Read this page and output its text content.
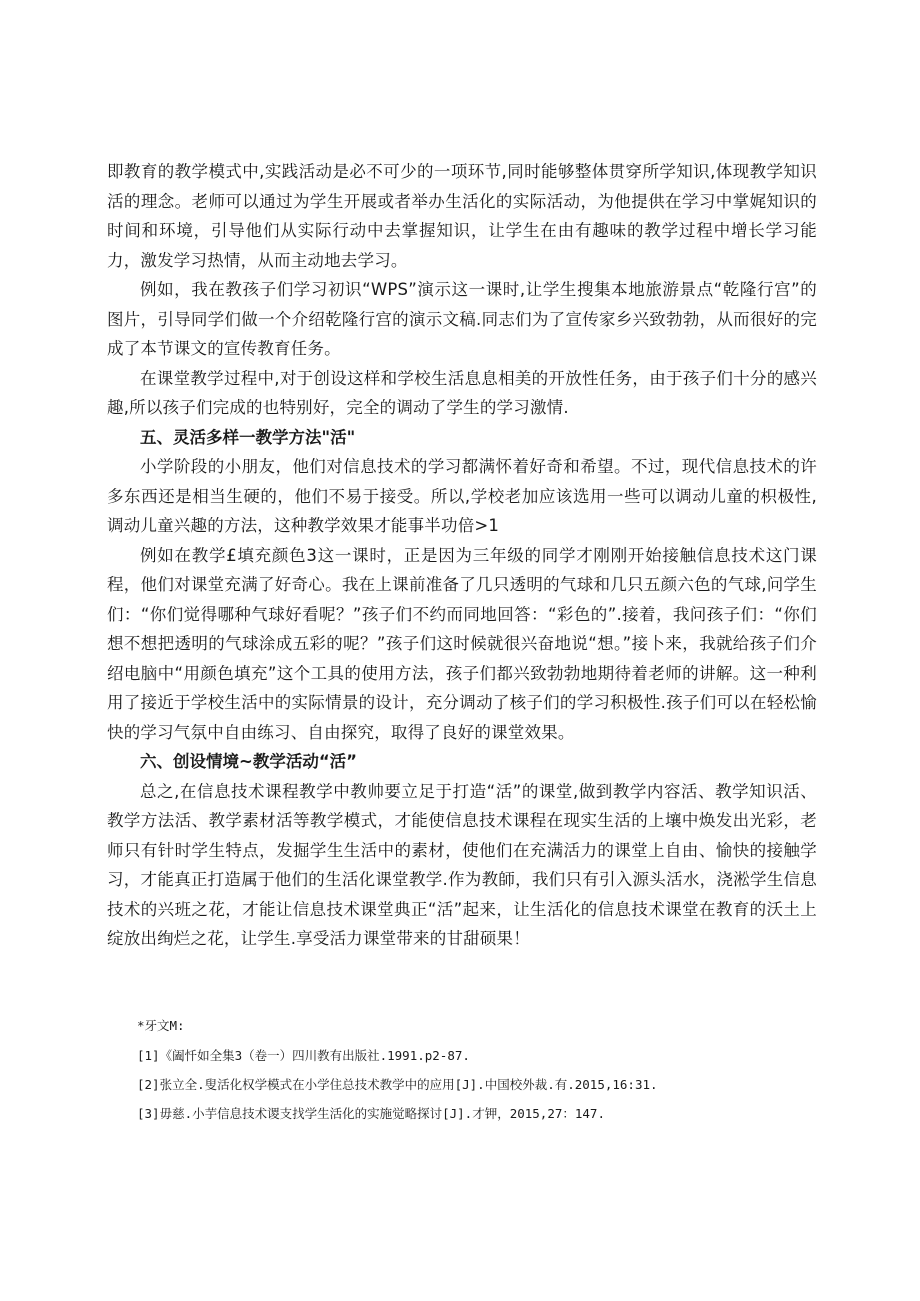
即教育的教学模式中,实践活动是必不可少的一项环节,同时能够整体贯穿所学知识,体现教学知识活的理念。老师可以通过为学生开展或者举办生活化的实际活动，为他提供在学习中掌娓知识的时间和环境，引导他们从实际行动中去掌握知识，让学生在由有趣味的教学过程中增长学习能力，激发学习热情，从而主动地去学习。

例如，我在教孩子们学习初识“WPS”演示这一课时,让学生搜集本地旅游景点“乾隆行宫”的图片，引导同学们做一个介绍乾隆行宫的演示文稿.同志们为了宣传家乡兴致勃勃，从而很好的完成了本节课文的宣传教育任务。

在课堂教学过程中,对于创设这样和学校生活息息相美的开放性任务，由于孩子们十分的感兴趣,所以孩子们完成的也特别好，完全的调动了学生的学习激情.

五、灵活多样一教学方法"活"

小学阶段的小朋友，他们对信息技术的学习都满怀着好奇和希望。不过，现代信息技术的许多东西还是相当生硬的，他们不易于接受。所以,学校老加应该选用一些可以调动儿童的枳极性,调动儿童兴趣的方法，这种教学效果才能事半功倍>1

例如在教学£填充颜色3这一课时，正是因为三年级的同学才刚刚开始接触信息技术这门课程，他们对课堂充满了好奇心。我在上课前准备了几只透明的气球和几只五颜六色的气球,问学生们：“你们觉得哪种气球好看呢？”孩子们不约而同地回答：“彩色的”.接着，我问孩子们：“你们想不想把透明的气球涂成五彩的呢？”孩子们这时候就很兴奋地说“想。”接卜来，我就给孩子们介绍电脑中“用颜色填充”这个工具的使用方法，孩子们都兴致勃勃地期待着老师的讲解。这一种利用了接近于学校生活中的实际情景的设计，充分调动了核子们的学习积极性.孩子们可以在轻松愉快的学习气氛中自由练习、自由探究，取得了良好的课堂效果。

六、创设情境~教学活动“活”

总之,在信息技术课程教学中教帅要立足于打造“活”的课堂,做到教学内容活、教学知识活、教学方法活、教学素材活等教学模式，才能使信息技术课程在现实生活的上壤中焕发出光彩，老师只有针时学生特点，发掘学生生活中的素材，使他们在充满活力的课堂上自由、愉快的接触学习，才能真正打造属于他们的生活化课堂教学.作为教師，我们只有引入源头活水，浇淞学生信息技术的兴班之花，才能让信息技术课堂典正“活”起来，让生活化的信息技术课堂在教育的沃土上绽放出绚烂之花，让学生.享受活力课堂带来的甘甜硕果！

*牙文M:

[1]《阖忏如全集3（卷一）四川教有出版社.1991.p2-87.

[2]张立全.叟活化权学模式在小学住总技术教学中的应用[J].中国校外裁.有.2015,16:31.

[3]毋慈.小芋信息技术谡支找学生活化的实施觉略探讨[J].才钾，2015,27：147.
